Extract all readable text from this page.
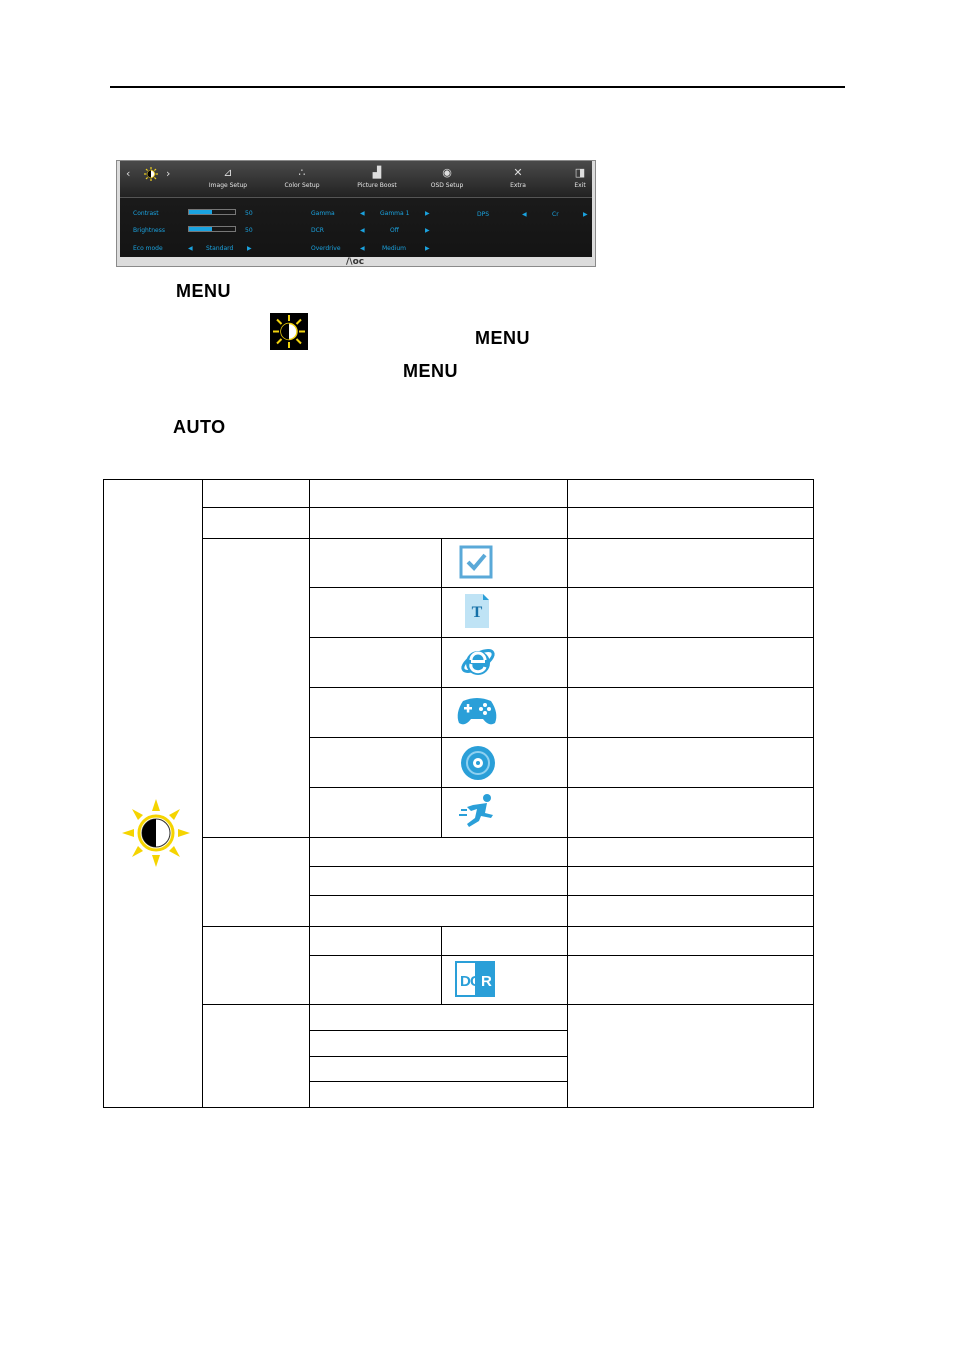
‹	›	⊿
Image Setup
∴
Color Setup
▟
Picture Boost
◉
OSD Setup
✕
Extra
◨
Exit
Contrast	50
Brightness	50
Eco mode	◀ Standard ▶
Gamma	◀	Gamma 1	▶
DCR	◀	Off	▶
Overdrive	◀	Medium	▶
DPS	◀	Cr	▶
/\oc
MENU
MENU
MENU
AUTO
T
D C R
